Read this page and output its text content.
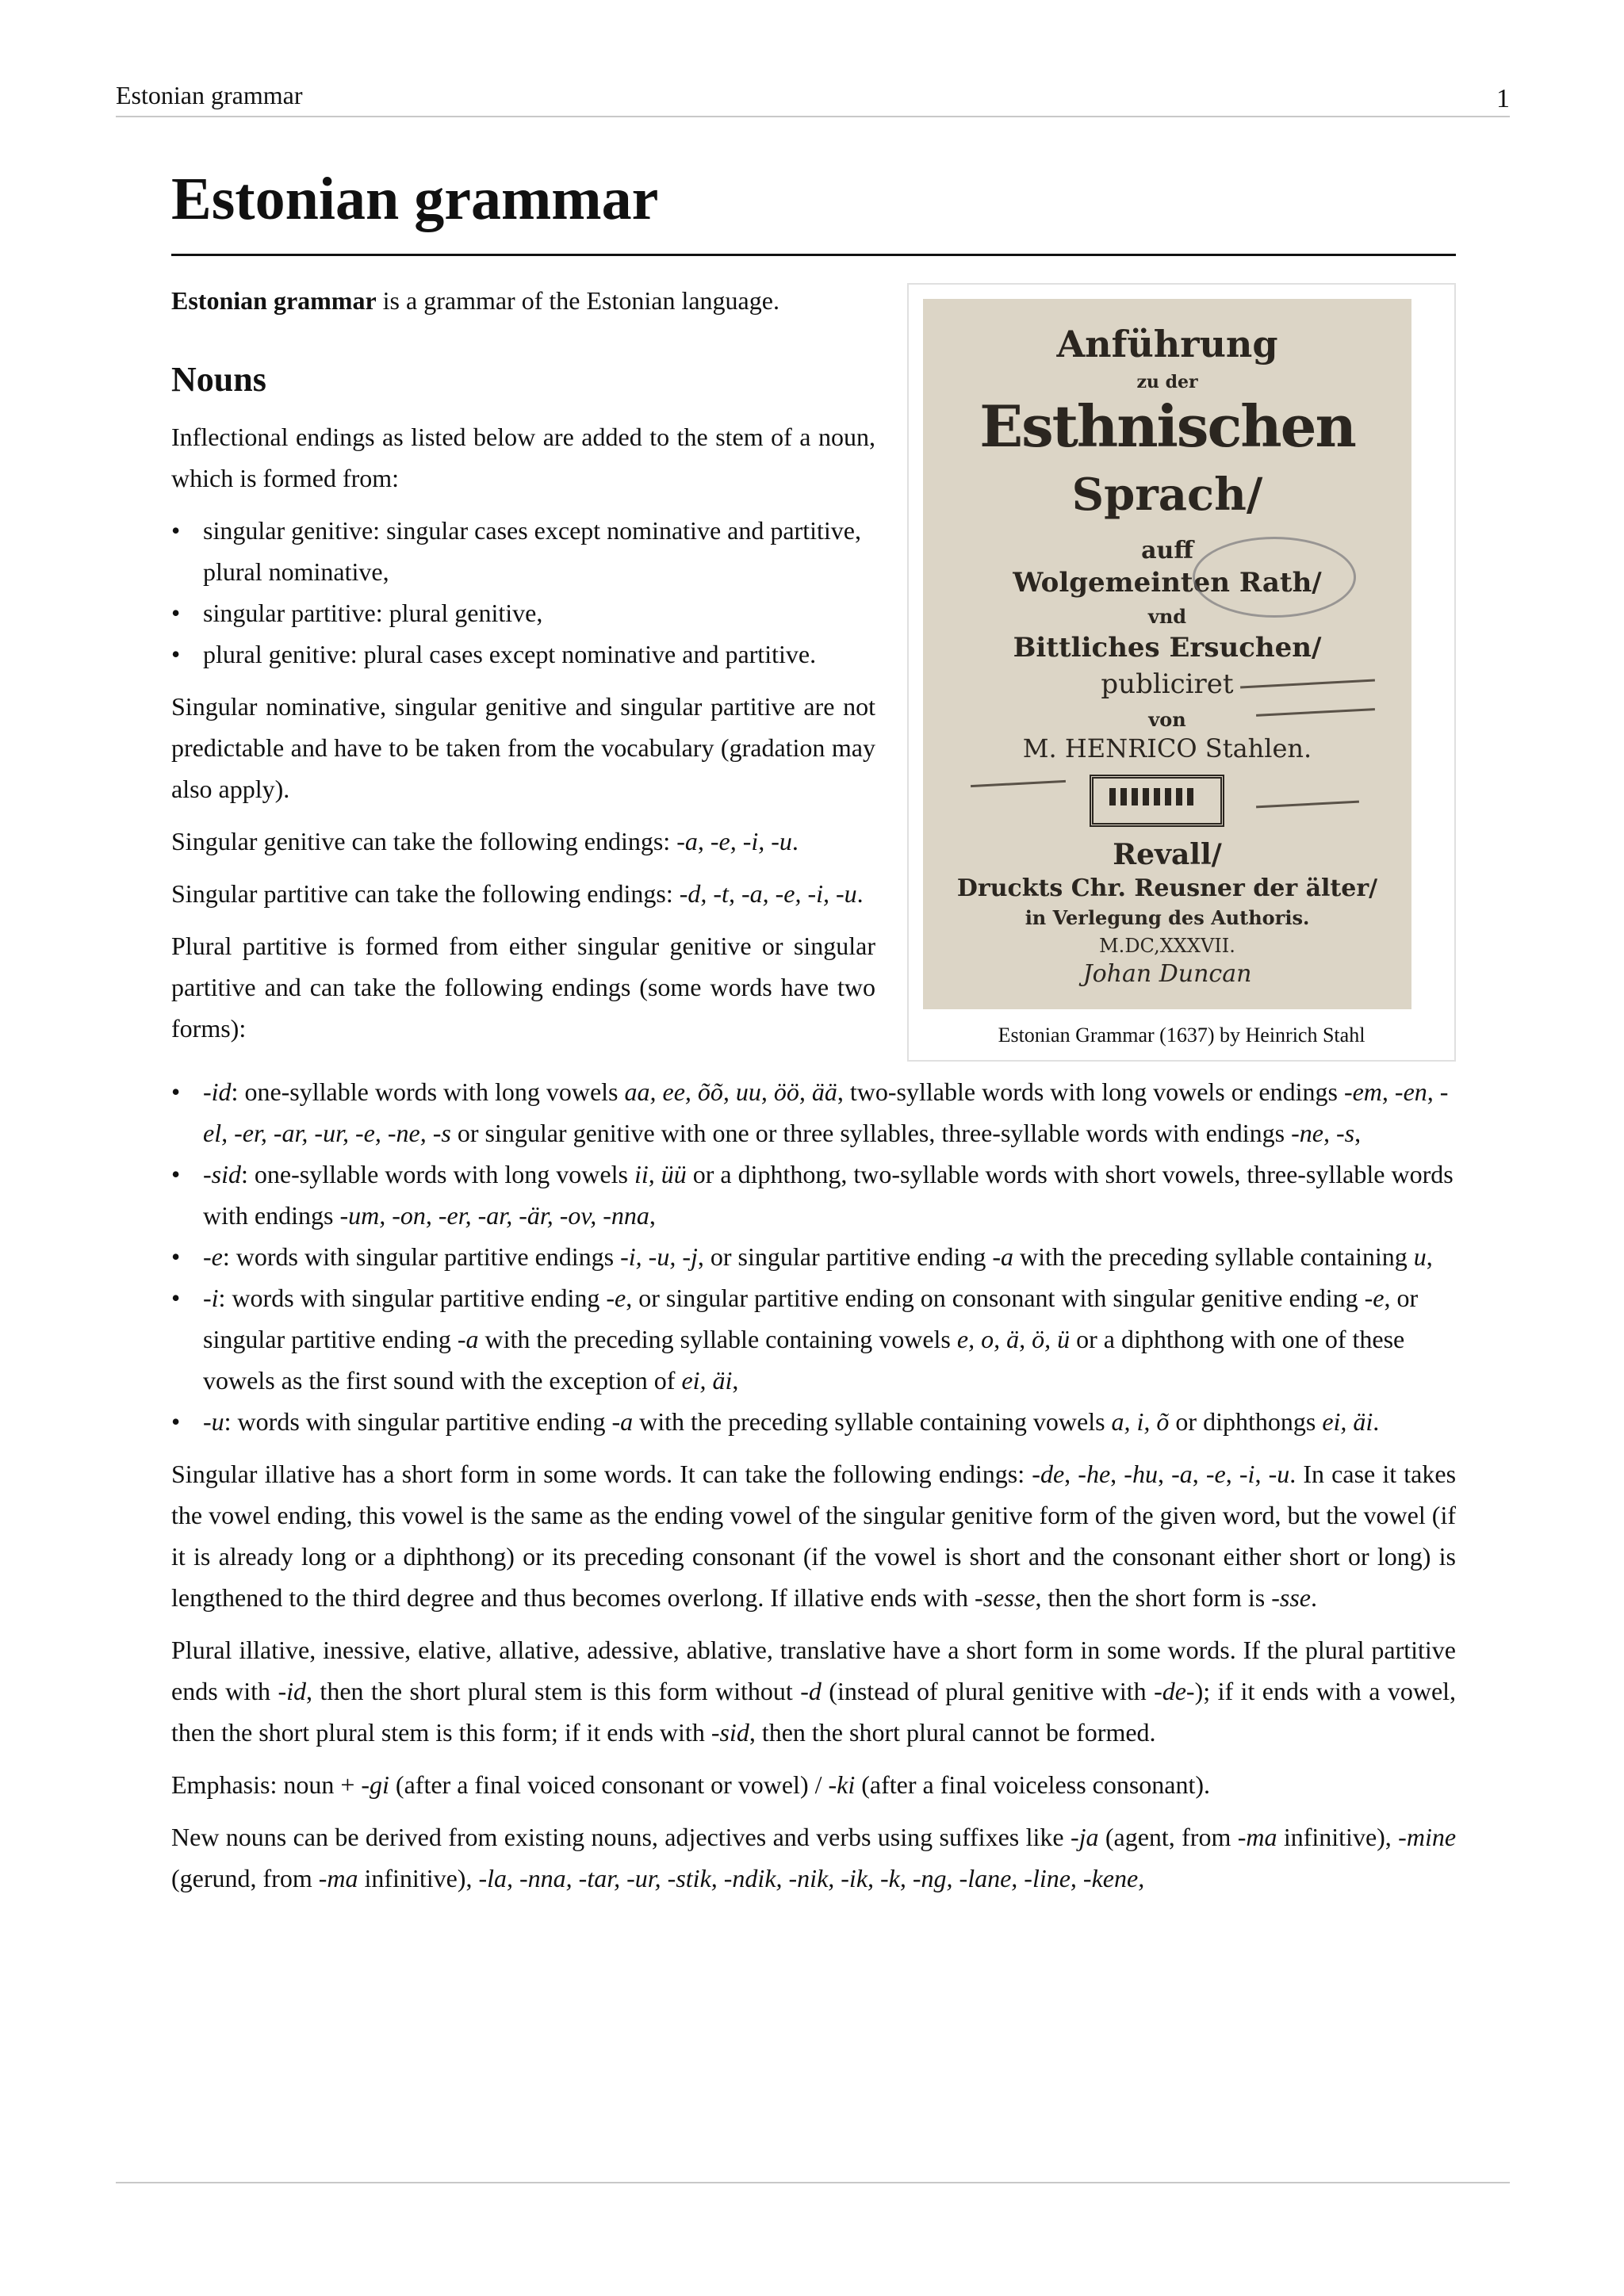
Estonian grammar	1
Estonian grammar
Anführung
zu der
Esthnischen
Sprach/
auff
Wolgemeinten Rath/
vnd
Bittliches Ersuchen/
publiciret
von
M. HENRICO Stahlen.
Revall/
Druckts Chr. Reusner der älter/
in Verlegung des Authoris.
M.DC,XXXVII.
Johan Duncan
Estonian Grammar (1637) by Heinrich Stahl

Estonian grammar is a grammar of the Estonian language.

Nouns

Inflectional endings as listed below are added to the stem of a noun, which is formed from:

• singular genitive: singular cases except nominative and partitive, plural nominative,
• singular partitive: plural genitive,
• plural genitive: plural cases except nominative and partitive.

Singular nominative, singular genitive and singular partitive are not predictable and have to be taken from the vocabulary (gradation may also apply).

Singular genitive can take the following endings: -a, -e, -i, -u.

Singular partitive can take the following endings: -d, -t, -a, -e, -i, -u.

Plural partitive is formed from either singular genitive or singular partitive and can take the following endings (some words have two forms):

• -id: one-syllable words with long vowels aa, ee, õõ, uu, öö, ää, two-syllable words with long vowels or endings -em, -en, -el, -er, -ar, -ur, -e, -ne, -s or singular genitive with one or three syllables, three-syllable words with endings -ne, -s,
• -sid: one-syllable words with long vowels ii, üü or a diphthong, two-syllable words with short vowels, three-syllable words with endings -um, -on, -er, -ar, -är, -ov, -nna,
• -e: words with singular partitive endings -i, -u, -j, or singular partitive ending -a with the preceding syllable containing u,
• -i: words with singular partitive ending -e, or singular partitive ending on consonant with singular genitive ending -e, or singular partitive ending -a with the preceding syllable containing vowels e, o, ä, ö, ü or a diphthong with one of these vowels as the first sound with the exception of ei, äi,
• -u: words with singular partitive ending -a with the preceding syllable containing vowels a, i, õ or diphthongs ei, äi.

Singular illative has a short form in some words. It can take the following endings: -de, -he, -hu, -a, -e, -i, -u. In case it takes the vowel ending, this vowel is the same as the ending vowel of the singular genitive form of the given word, but the vowel (if it is already long or a diphthong) or its preceding consonant (if the vowel is short and the consonant either short or long) is lengthened to the third degree and thus becomes overlong. If illative ends with -sesse, then the short form is -sse.

Plural illative, inessive, elative, allative, adessive, ablative, translative have a short form in some words. If the plural partitive ends with -id, then the short plural stem is this form without -d (instead of plural genitive with -de-); if it ends with a vowel, then the short plural stem is this form; if it ends with -sid, then the short plural cannot be formed.

Emphasis: noun + -gi (after a final voiced consonant or vowel) / -ki (after a final voiceless consonant).

New nouns can be derived from existing nouns, adjectives and verbs using suffixes like -ja (agent, from -ma infinitive), -mine (gerund, from -ma infinitive), -la, -nna, -tar, -ur, -stik, -ndik, -nik, -ik, -k, -ng, -lane, -line, -kene,
